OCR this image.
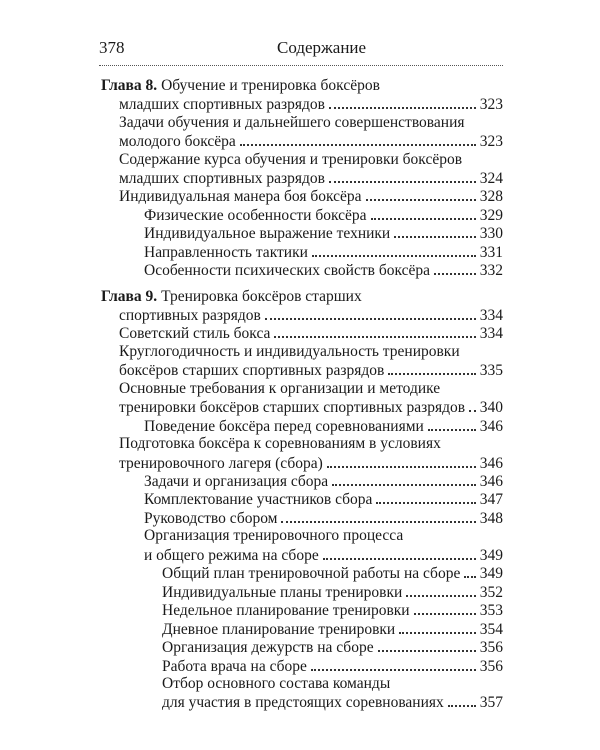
378	Содержание
Глава 8. Обучение и тренировка боксёров
младших спортивных разрядов	323
Задачи обучения и дальнейшего совершенствования
молодого боксёра	323
Содержание курса обучения и тренировки боксёров
младших спортивных разрядов	324
Индивидуальная манера боя боксёра	328
Физические особенности боксёра	329
Индивидуальное выражение техники	330
Направленность тактики	331
Особенности психических свойств боксёра	332
Глава 9. Тренировка боксёров старших
спортивных разрядов	334
Советский стиль бокса	334
Круглогодичность и индивидуальность тренировки
боксёров старших спортивных разрядов	335
Основные требования к организации и методике
тренировки боксёров старших спортивных разрядов 340
Поведение боксёра перед соревнованиями	346
Подготовка боксёра к соревнованиям в условиях
тренировочного лагеря (сбора)	346
Задачи и организация сбора	346
Комплектование участников сбора	347
Руководство сбором	348
Организация тренировочного процесса
и общего режима на сборе	349
Общий план тренировочной работы на сборе 349
Индивидуальные планы тренировки	352
Недельное планирование тренировки	353
Дневное планирование тренировки	354
Организация дежурств на сборе	356
Работа врача на сборе	356
Отбор основного состава команды
для участия в предстоящих соревнованиях 357
